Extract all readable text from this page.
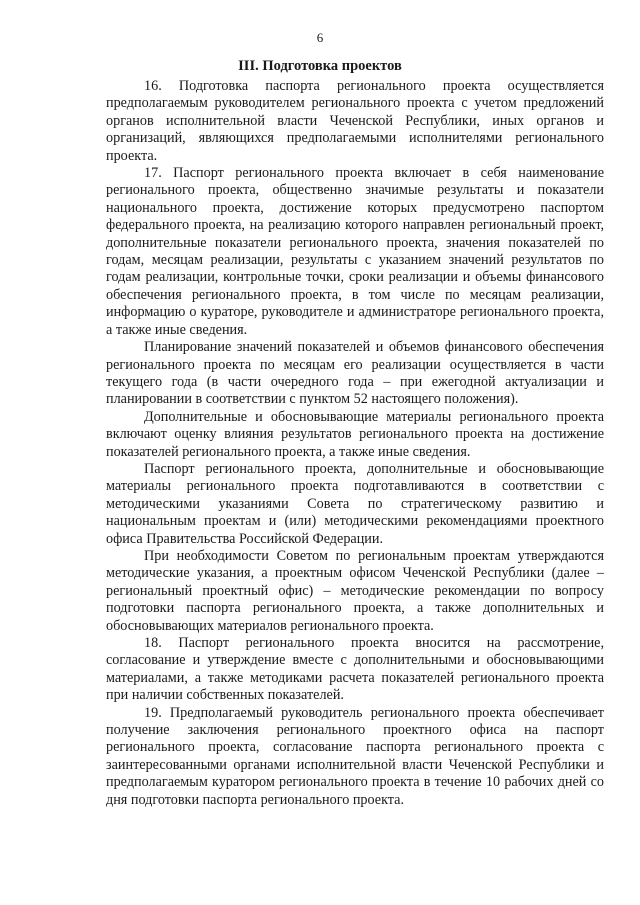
6
III. Подготовка проектов

16. Подготовка паспорта регионального проекта осуществляется предполагаемым руководителем регионального проекта с учетом предложений органов исполнительной власти Чеченской Республики, иных органов и организаций, являющихся предполагаемыми исполнителями регионального проекта.

17. Паспорт регионального проекта включает в себя наименование регионального проекта, общественно значимые результаты и показатели национального проекта, достижение которых предусмотрено паспортом федерального проекта, на реализацию которого направлен региональный проект, дополнительные показатели регионального проекта, значения показателей по годам, месяцам реализации, результаты с указанием значений результатов по годам реализации, контрольные точки, сроки реализации и объемы финансового обеспечения регионального проекта, в том числе по месяцам реализации, информацию о кураторе, руководителе и администраторе регионального проекта, а также иные сведения.

Планирование значений показателей и объемов финансового обеспечения регионального проекта по месяцам его реализации осуществляется в части текущего года (в части очередного года – при ежегодной актуализации и планировании в соответствии с пунктом 52 настоящего положения).

Дополнительные и обосновывающие материалы регионального проекта включают оценку влияния результатов регионального проекта на достижение показателей регионального проекта, а также иные сведения.

Паспорт регионального проекта, дополнительные и обосновывающие материалы регионального проекта подготавливаются в соответствии с методическими указаниями Совета по стратегическому развитию и национальным проектам и (или) методическими рекомендациями проектного офиса Правительства Российской Федерации.

При необходимости Советом по региональным проектам утверждаются методические указания, а проектным офисом Чеченской Республики (далее – региональный проектный офис) – методические рекомендации по вопросу подготовки паспорта регионального проекта, а также дополнительных и обосновывающих материалов регионального проекта.

18. Паспорт регионального проекта вносится на рассмотрение, согласование и утверждение вместе с дополнительными и обосновывающими материалами, а также методиками расчета показателей регионального проекта при наличии собственных показателей.

19. Предполагаемый руководитель регионального проекта обеспечивает получение заключения регионального проектного офиса на паспорт регионального проекта, согласование паспорта регионального проекта с заинтересованными органами исполнительной власти Чеченской Республики и предполагаемым куратором регионального проекта в течение 10 рабочих дней со дня подготовки паспорта регионального проекта.
